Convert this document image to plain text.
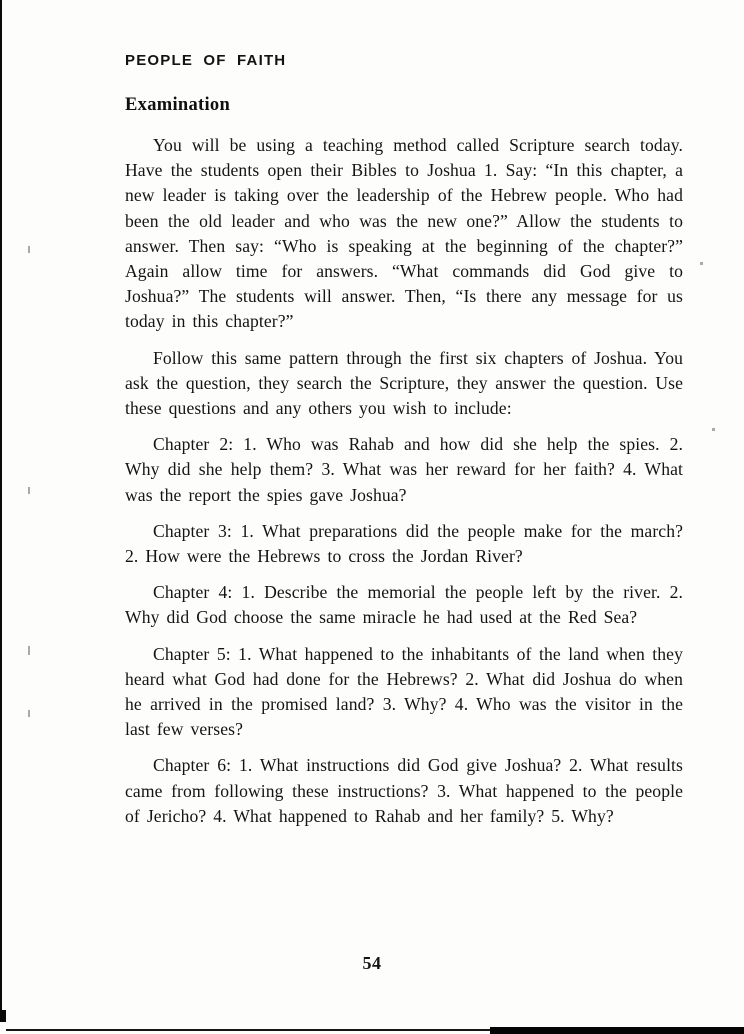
PEOPLE OF FAITH
Examination

You will be using a teaching method called Scripture search today. Have the students open their Bibles to Joshua 1. Say: “In this chapter, a new leader is taking over the leadership of the Hebrew people. Who had been the old leader and who was the new one?” Allow the students to answer. Then say: “Who is speaking at the beginning of the chapter?” Again allow time for answers. “What commands did God give to Joshua?” The students will answer. Then, “Is there any message for us today in this chapter?”

Follow this same pattern through the first six chapters of Joshua. You ask the question, they search the Scripture, they answer the question. Use these questions and any others you wish to include:

Chapter 2: 1. Who was Rahab and how did she help the spies. 2. Why did she help them? 3. What was her reward for her faith? 4. What was the report the spies gave Joshua?

Chapter 3: 1. What preparations did the people make for the march? 2. How were the Hebrews to cross the Jordan River?

Chapter 4: 1. Describe the memorial the people left by the river. 2. Why did God choose the same miracle he had used at the Red Sea?

Chapter 5: 1. What happened to the inhabitants of the land when they heard what God had done for the Hebrews? 2. What did Joshua do when he arrived in the promised land? 3. Why? 4. Who was the visitor in the last few verses?

Chapter 6: 1. What instructions did God give Joshua? 2. What results came from following these instructions? 3. What happened to the people of Jericho? 4. What happened to Rahab and her family? 5. Why?

54
